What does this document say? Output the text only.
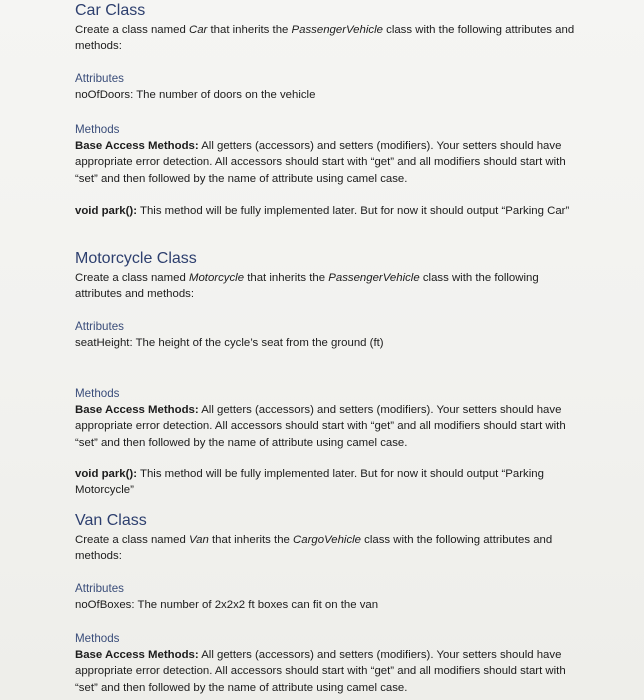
Car Class

Create a class named Car that inherits the PassengerVehicle class with the following attributes and methods:

Attributes

noOfDoors: The number of doors on the vehicle

Methods

Base Access Methods: All getters (accessors) and setters (modifiers). Your setters should have appropriate error detection. All accessors should start with “get” and all modifiers should start with “set” and then followed by the name of attribute using camel case.

void park(): This method will be fully implemented later. But for now it should output “Parking Car”

Motorcycle Class

Create a class named Motorcycle that inherits the PassengerVehicle class with the following attributes and methods:

Attributes

seatHeight: The height of the cycle’s seat from the ground (ft)

Methods

Base Access Methods: All getters (accessors) and setters (modifiers). Your setters should have appropriate error detection. All accessors should start with “get” and all modifiers should start with “set” and then followed by the name of attribute using camel case.

void park(): This method will be fully implemented later. But for now it should output “Parking Motorcycle”

Van Class

Create a class named Van that inherits the CargoVehicle class with the following attributes and methods:

Attributes

noOfBoxes: The number of 2x2x2 ft boxes can fit on the van

Methods

Base Access Methods: All getters (accessors) and setters (modifiers). Your setters should have appropriate error detection. All accessors should start with “get” and all modifiers should start with “set” and then followed by the name of attribute using camel case.
